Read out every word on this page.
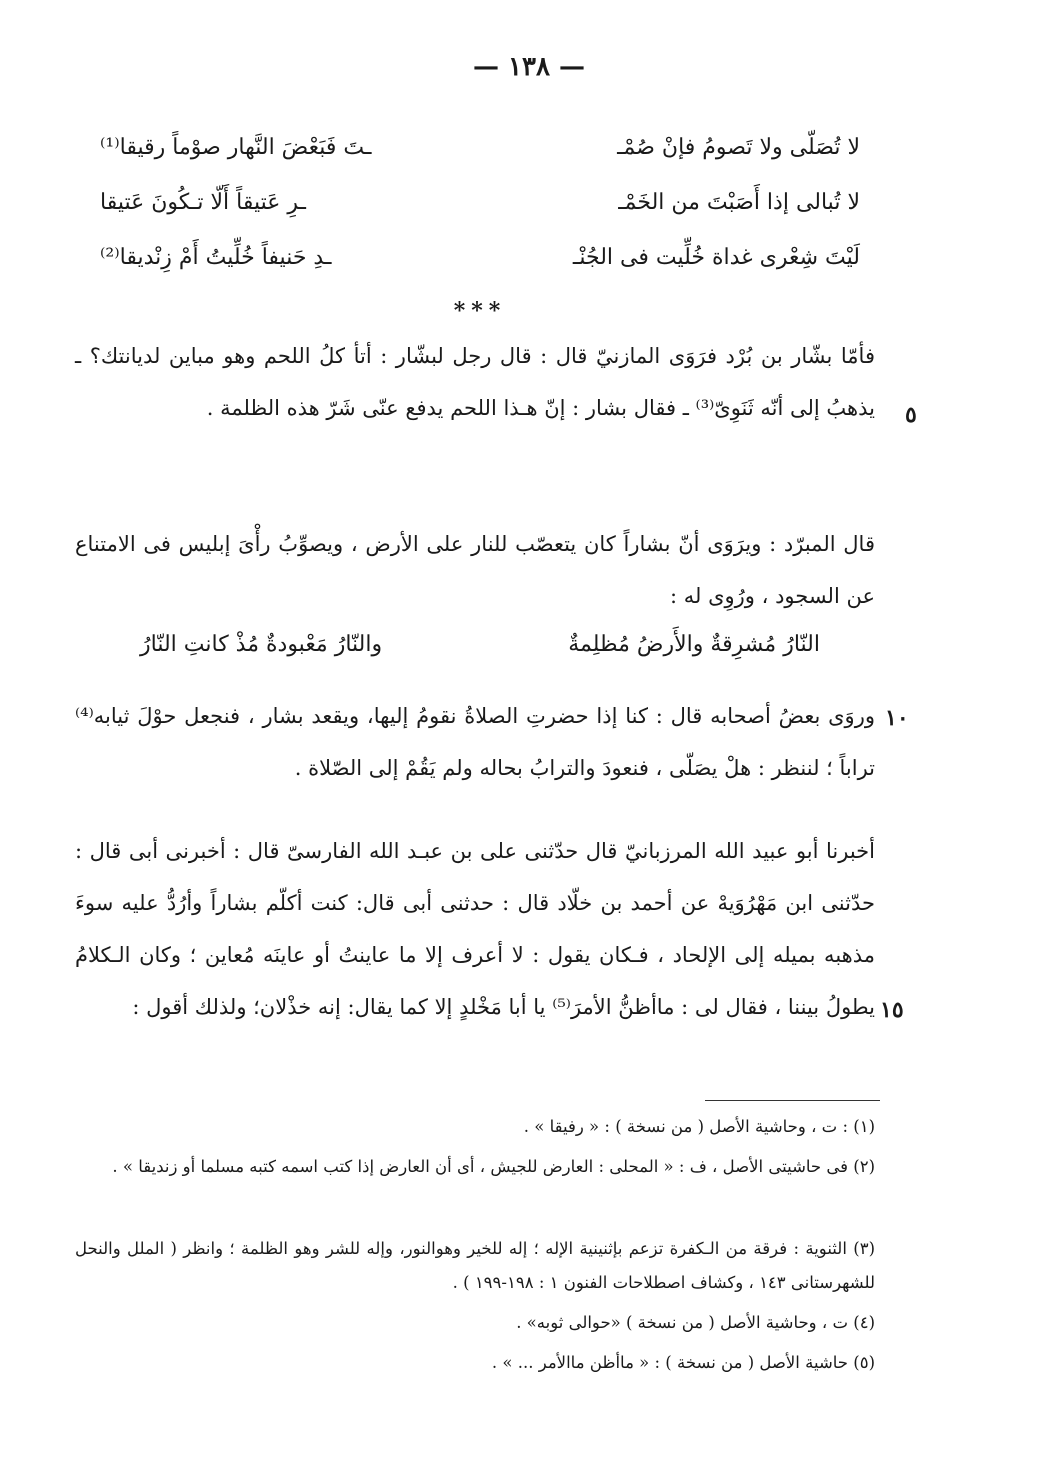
— ١٣٨ —
لا تُصَلّى ولا تَصومُ فإنْ صُمْـ
ـتَ فَبَعْضَ النَّهار صوْماً رقيقا⁽¹⁾
لا تُبالى إذا أَصَبْتَ من الخَمْـ
ـرِ عَتيقاً أَلّا تـكُونَ عَتيقا
لَيْتَ شِعْرى غداة خُلِّيت فى الجُنْـ
ـدِ حَنيفاً خُلِّيتُ أَمْ زِنْديقا⁽²⁾
***
فأمّا بشّار بن بُرْد فرَوَى المازنيّ قال : قال رجل لبشّار : أتأ كلُ اللحم وهو مباين لديانتك؟ ـ يذهبُ إلى أنّه ثَنَوِىّ⁽³⁾ ـ فقال بشار : إنّ هـذا اللحم يدفع عنّى شَرّ هذه الظلمة . ٥
قال المبرّد : ويرَوَى أنّ بشاراً كان يتعصّب للنار على الأرض ، ويصوِّبُ رأْىَ إبليس فى الامتناع عن السجود ، ورُوِى له :
النّارُ مُشرِقةٌ والأَرضُ مُظلِمةٌ
والنّارُ مَعْبودةٌ مُذْ كانتِ النّارُ
وروَى بعضُ أصحابه قال : كنا إذا حضرتِ الصلاةُ نقومُ إليها، ويقعد بشار ، فنجعل حوْلَ ثيابه⁽⁴⁾ تراباً ؛ لننظر : هلْ يصَلّى ، فنعودَ والترابُ بحاله ولم يَقُمْ إلى الصّلاة .
١٠
أخبرنا أبو عبيد الله المرزبانيّ قال حدّثنى على بن عبـد الله الفارسىّ قال : أخبرنى أبى قال : حدّثنى ابن مَهْرُوَيهْ عن أحمد بن خلّاد قال : حدثنى أبى قال: كنت أكلّم بشاراً وأرُدُّ عليه سوءَ مذهبه بميله إلى الإلحاد ، فـكان يقول : لا أعرف إلا ما عاينتُ أو عاينَه مُعاين ؛ وكان الـكلامُ يطولُ بيننا ، فقال لى : ماأظنُّ الأمرَ⁽⁵⁾ يا أبا مَخْلدٍ إلا كما يقال: إنه خذْلان؛ ولذلك أقول : ١٥
(١) : ت ، وحاشية الأصل ( من نسخة ) : « رفيقا » .
(٢) فى حاشيتى الأصل ، ف : « المحلى : العارض للجيش ، أى أن العارض إذا كتب اسمه كتبه مسلما أو زنديقا » .
(٣) الثنوية : فرقة من الـكفرة تزعم بإثنينية الإله ؛ إله للخير وهوالنور، وإله للشر وهو الظلمة ؛ وانظر ( الملل والنحل للشهرستانى ١٤٣ ، وكشاف اصطلاحات الفنون ١ : ١٩٨-١٩٩ ) .
(٤) ت ، وحاشية الأصل ( من نسخة ) «حوالى ثوبه» .
(٥) حاشية الأصل ( من نسخة ) : « ماأظن ماالأمر ... » .
